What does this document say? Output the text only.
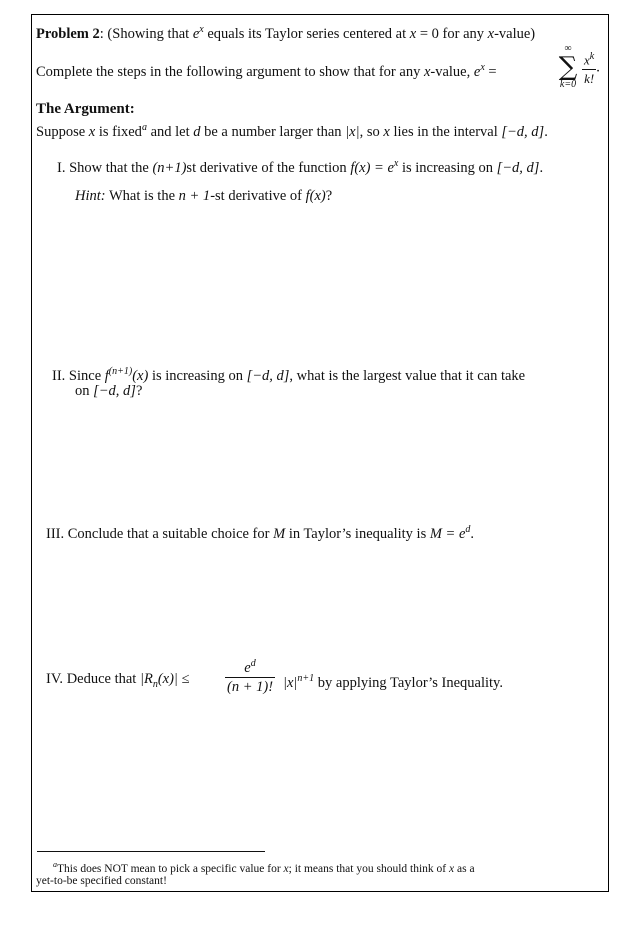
Problem 2: (Showing that $e^x$ equals its Taylor series centered at x = 0 for any x-value)
Complete the steps in the following argument to show that for any x-value, $e^x$ =
∞
∑
$k=0 \frac{x^k}{k!}$ .
The Argument:
Suppose x is fixed$^a$ and let d be a number larger than |x|, so x lies in the interval [−d, d].
I. Show that the (n+1)st derivative of the function $f(x) = e^x$ is increasing on [−d, d].
Hint: What is the n + 1-st derivative of f(x)?
II. Since $f^{(n+1)}(x)$ is increasing on [−d, d], what is the largest value that it can take
on [−d, d]?
III. Conclude that a suitable choice for M in Taylor’s inequality is $M = e^d$.
IV. Deduce that $|R_n(x)| \le \frac{e^d}{(n + 1)!} |x|^{n+1}$ by applying Taylor’s Inequality.
$^a$This does NOT mean to pick a specific value for x; it means that you should think of x as a
yet-to-be specified constant!
